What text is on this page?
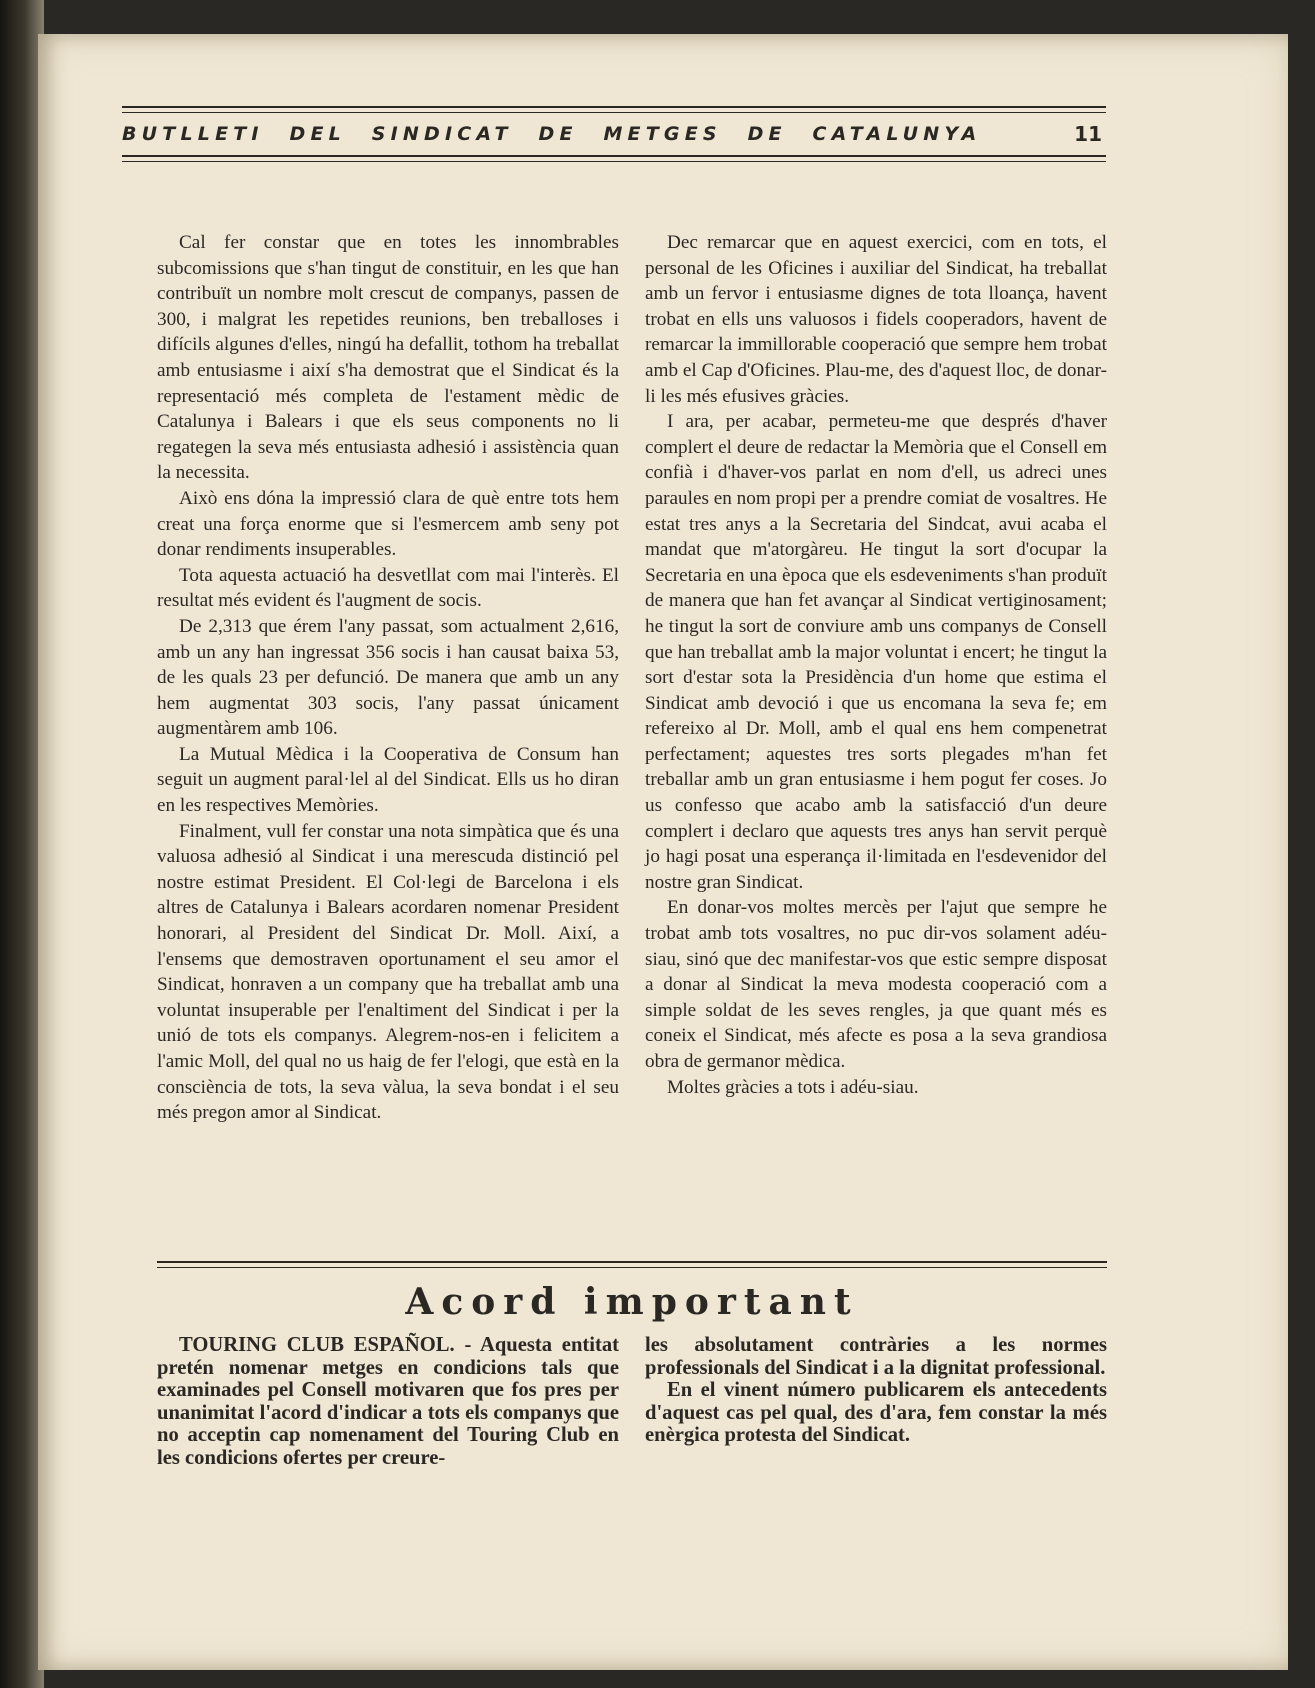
BUTLLETI DEL SINDICAT DE METGES DE CATALUNYA	11

Cal fer constar que en totes les innombrables subcomissions que s'han tingut de constituir, en les que han contribuït un nombre molt crescut de companys, passen de 300, i malgrat les repetides reunions, ben treballoses i difícils algunes d'elles, ningú ha defallit, tothom ha treballat amb entusiasme i així s'ha demostrat que el Sindicat és la representació més completa de l'estament mèdic de Catalunya i Balears i que els seus components no li regategen la seva més entusiasta adhesió i assistència quan la necessita.

Això ens dóna la impressió clara de què entre tots hem creat una força enorme que si l'esmercem amb seny pot donar rendiments insuperables.

Tota aquesta actuació ha desvetllat com mai l'interès. El resultat més evident és l'augment de socis.

De 2,313 que érem l'any passat, som actualment 2,616, amb un any han ingressat 356 socis i han causat baixa 53, de les quals 23 per defunció. De manera que amb un any hem augmentat 303 socis, l'any passat únicament augmentàrem amb 106.

La Mutual Mèdica i la Cooperativa de Consum han seguit un augment paral·lel al del Sindicat. Ells us ho diran en les respectives Memòries.

Finalment, vull fer constar una nota simpàtica que és una valuosa adhesió al Sindicat i una merescuda distinció pel nostre estimat President. El Col·legi de Barcelona i els altres de Catalunya i Balears acordaren nomenar President honorari, al President del Sindicat Dr. Moll. Així, a l'ensems que demostraven oportunament el seu amor el Sindicat, honraven a un company que ha treballat amb una voluntat insuperable per l'enaltiment del Sindicat i per la unió de tots els companys. Alegrem-nos-en i felicitem a l'amic Moll, del qual no us haig de fer l'elogi, que està en la consciència de tots, la seva vàlua, la seva bondat i el seu més pregon amor al Sindicat.

Dec remarcar que en aquest exercici, com en tots, el personal de les Oficines i auxiliar del Sindicat, ha treballat amb un fervor i entusiasme dignes de tota lloança, havent trobat en ells uns valuosos i fidels cooperadors, havent de remarcar la immillorable cooperació que sempre hem trobat amb el Cap d'Oficines. Plau-me, des d'aquest lloc, de donar-li les més efusives gràcies.

I ara, per acabar, permeteu-me que després d'haver complert el deure de redactar la Memòria que el Consell em confià i d'haver-vos parlat en nom d'ell, us adreci unes paraules en nom propi per a prendre comiat de vosaltres. He estat tres anys a la Secretaria del Sindcat, avui acaba el mandat que m'atorgàreu. He tingut la sort d'ocupar la Secretaria en una època que els esdeveniments s'han produït de manera que han fet avançar al Sindicat vertiginosament; he tingut la sort de conviure amb uns companys de Consell que han treballat amb la major voluntat i encert; he tingut la sort d'estar sota la Presidència d'un home que estima el Sindicat amb devoció i que us encomana la seva fe; em refereixo al Dr. Moll, amb el qual ens hem compenetrat perfectament; aquestes tres sorts plegades m'han fet treballar amb un gran entusiasme i hem pogut fer coses. Jo us confesso que acabo amb la satisfacció d'un deure complert i declaro que aquests tres anys han servit perquè jo hagi posat una esperança il·limitada en l'esdevenidor del nostre gran Sindicat.

En donar-vos moltes mercès per l'ajut que sempre he trobat amb tots vosaltres, no puc dir-vos solament adéu-siau, sinó que dec manifestar-vos que estic sempre disposat a donar al Sindicat la meva modesta cooperació com a simple soldat de les seves rengles, ja que quant més es coneix el Sindicat, més afecte es posa a la seva grandiosa obra de germanor mèdica.

Moltes gràcies a tots i adéu-siau.

Acord important

TOURING CLUB ESPAÑOL. - Aquesta entitat pretén nomenar metges en condicions tals que examinades pel Consell motivaren que fos pres per unanimitat l'acord d'indicar a tots els companys que no acceptin cap nomenament del Touring Club en les condicions ofertes per creure-

les absolutament contràries a les normes professionals del Sindicat i a la dignitat professional.

En el vinent número publicarem els antecedents d'aquest cas pel qual, des d'ara, fem constar la més enèrgica protesta del Sindicat.
